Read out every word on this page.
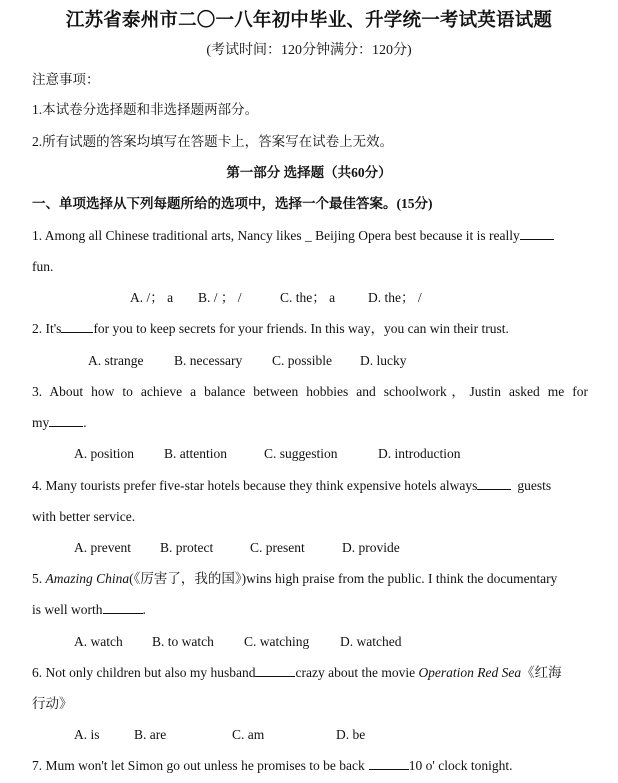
江苏省泰州市二〇一八年初中毕业、升学统一考试英语试题
(考试时间：120分钟满分：120分)
注意事项：
1.本试卷分选择题和非选择题两部分。
2.所有试题的答案均填写在答题卡上，答案写在试卷上无效。
第一部分 选择题（共60分）
一、单项选择从下列每题所给的选项中，选择一个最佳答案。(15分)
1. Among all Chinese traditional arts, Nancy likes _ Beijing Opera best because it is really
fun.
A. /； a B. / ； /	C. the； a D. the； /
2. It's for you to keep secrets for your friends. In this way，you can win their trust.
A. strange B. necessary C. possible D. lucky
3. About how to achieve a balance between hobbies and schoolwork，Justin asked me for
my	.
A. position B. attention	C. suggestion	D. introduction
4. Many tourists prefer five-star hotels because they think expensive hotels always	guests
with better service.
A. prevent B. protect	C. present	D. provide
5. Amazing China(《厉害了，我的国》)wins high praise from the public. I think the documentary
is well worth	.
A. watch B. to watch C. watching D. watched
6. Not only children but also my husband	crazy about the movie Operation Red Sea《红海
行动》
A. is	B. are	C. am	D. be
7. Mum won't let Simon go out unless he promises to be back	10 o' clock tonight.
